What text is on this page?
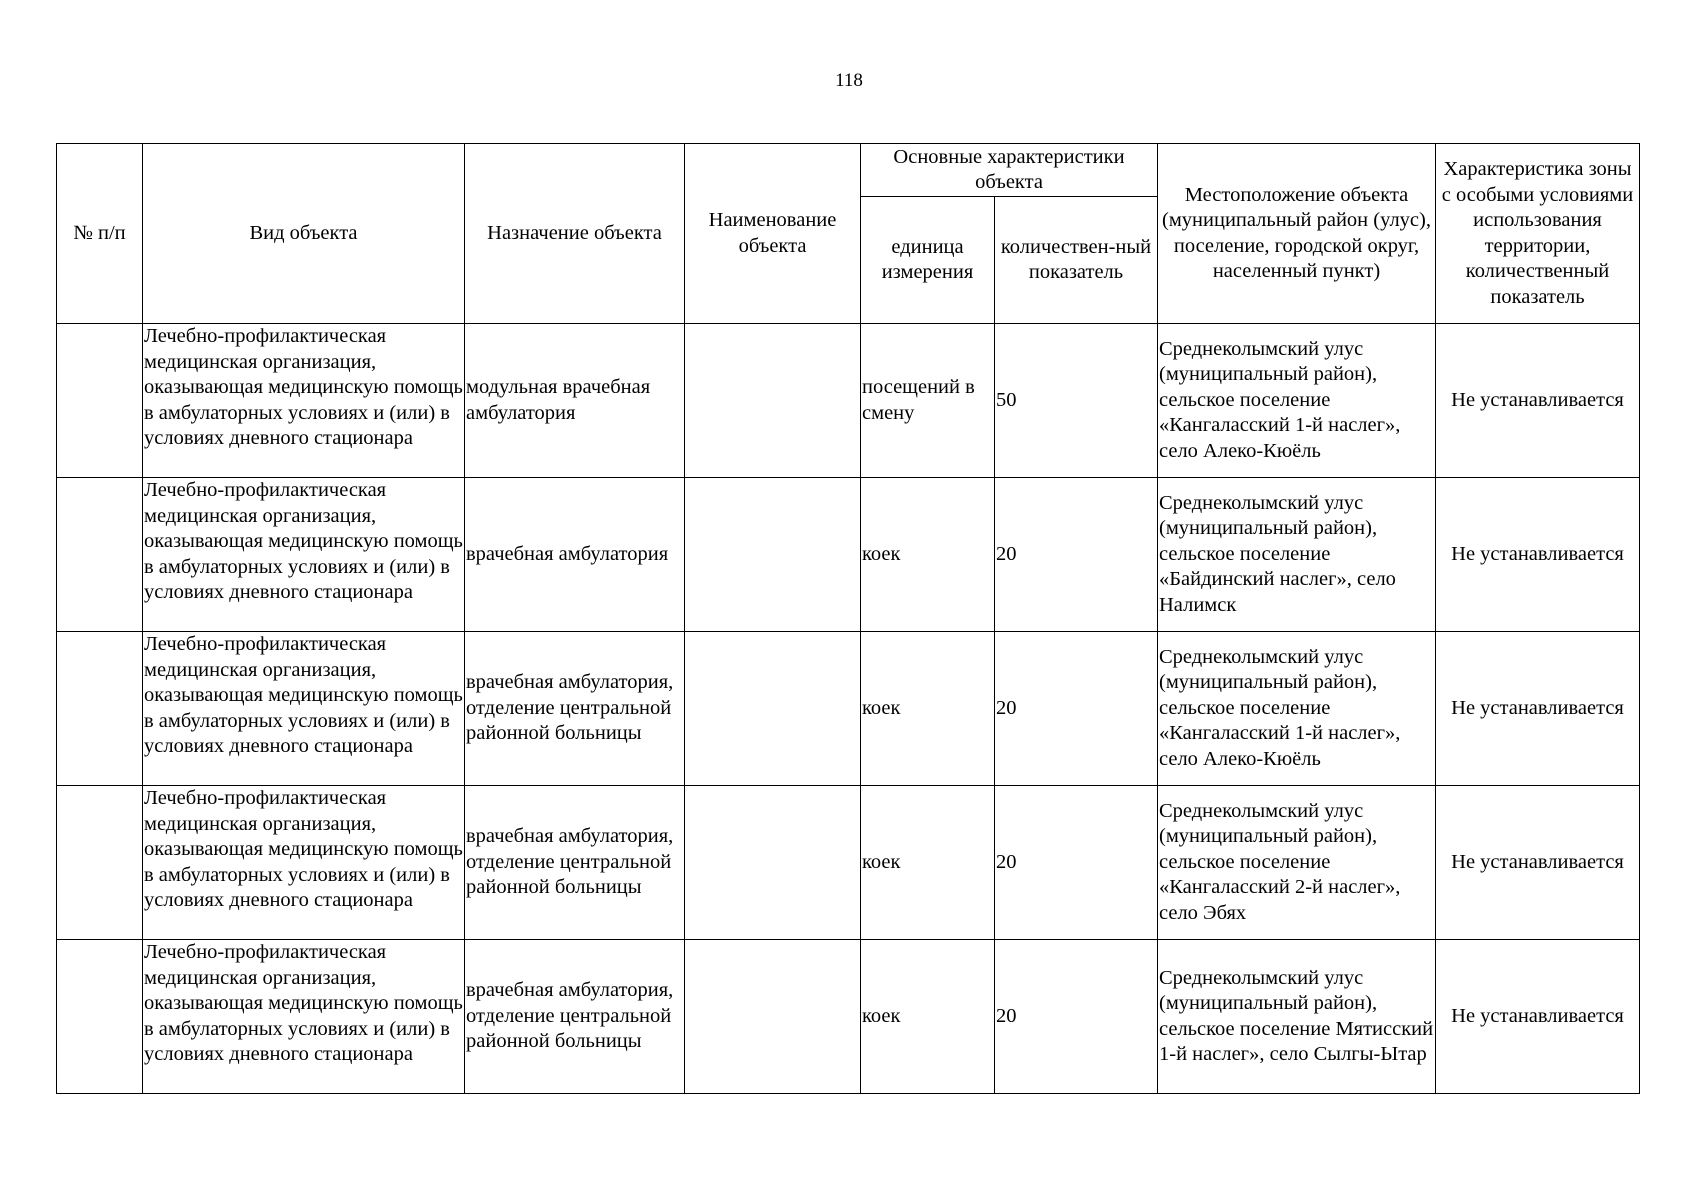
118
№ п/п	Вид объекта	Назначение объекта	Наименование объекта	Основные характеристики объекта		Местоположение объекта (муниципальный район (улус), поселение, городской округ, населенный пункт)	Характеристика зоны с особыми условиями использования территории, количественный показатель
				единица измерения	количествен-ный показатель		
	Лечебно-профилактическая медицинская организация, оказывающая медицинскую помощь в амбулаторных условиях и (или) в условиях дневного стационара	модульная врачебная амбулатория		посещений в смену	50	Среднеколымский улус (муниципальный район), сельское поселение «Кангаласский 1-й наслег», село Алеко-Кюёль	Не устанавливается
	Лечебно-профилактическая медицинская организация, оказывающая медицинскую помощь в амбулаторных условиях и (или) в условиях дневного стационара	врачебная амбулатория		коек	20	Среднеколымский улус (муниципальный район), сельское поселение «Байдинский наслег», село Налимск	Не устанавливается
	Лечебно-профилактическая медицинская организация, оказывающая медицинскую помощь в амбулаторных условиях и (или) в условиях дневного стационара	врачебная амбулатория, отделение центральной районной больницы		коек	20	Среднеколымский улус (муниципальный район), сельское поселение «Кангаласский 1-й наслег», село Алеко-Кюёль	Не устанавливается
	Лечебно-профилактическая медицинская организация, оказывающая медицинскую помощь в амбулаторных условиях и (или) в условиях дневного стационара	врачебная амбулатория, отделение центральной районной больницы		коек	20	Среднеколымский улус (муниципальный район), сельское поселение «Кангаласский 2-й наслег», село Эбях	Не устанавливается
	Лечебно-профилактическая медицинская организация, оказывающая медицинскую помощь в амбулаторных условиях и (или) в условиях дневного стационара	врачебная амбулатория, отделение центральной районной больницы		коек	20	Среднеколымский улус (муниципальный район), сельское поселение Мятисский 1-й наслег», село Сылгы-Ытар	Не устанавливается
